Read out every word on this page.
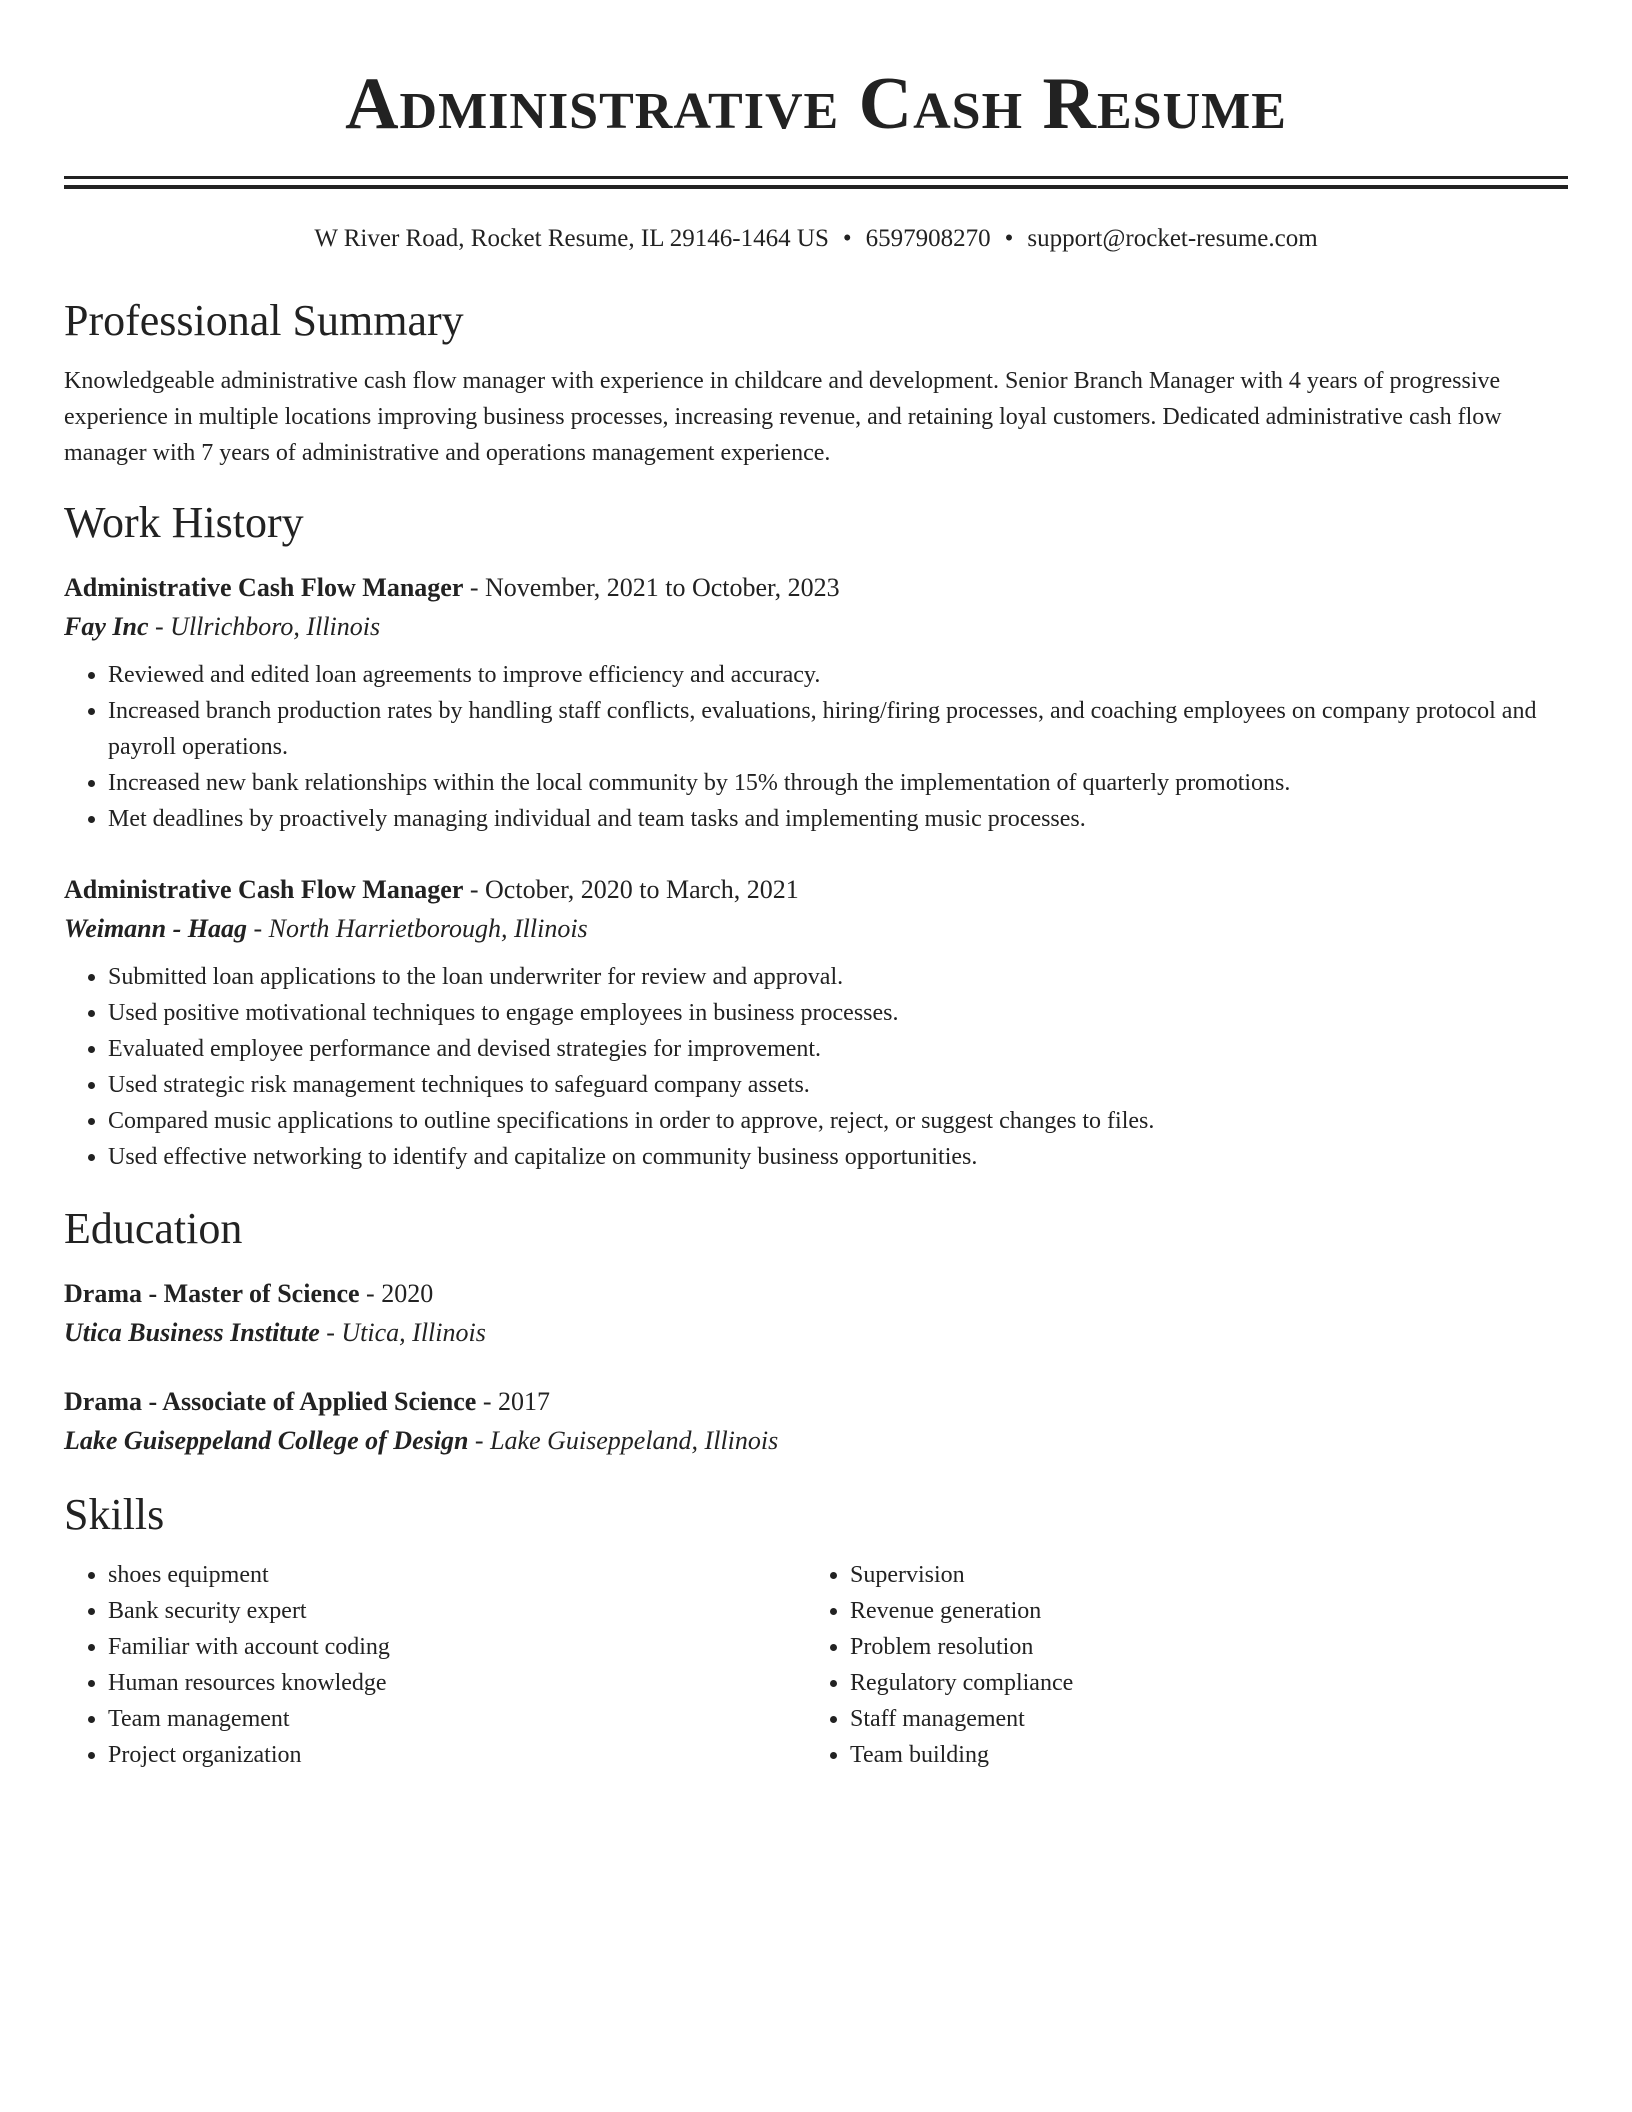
Administrative Cash Resume
W River Road, Rocket Resume, IL 29146-1464 US • 6597908270 • support@rocket-resume.com
Professional Summary
Knowledgeable administrative cash flow manager with experience in childcare and development. Senior Branch Manager with 4 years of progressive experience in multiple locations improving business processes, increasing revenue, and retaining loyal customers. Dedicated administrative cash flow manager with 7 years of administrative and operations management experience.
Work History
Administrative Cash Flow Manager - November, 2021 to October, 2023
Fay Inc - Ullrichboro, Illinois
• Reviewed and edited loan agreements to improve efficiency and accuracy.
• Increased branch production rates by handling staff conflicts, evaluations, hiring/firing processes, and coaching employees on company protocol and payroll operations.
• Increased new bank relationships within the local community by 15% through the implementation of quarterly promotions.
• Met deadlines by proactively managing individual and team tasks and implementing music processes.
Administrative Cash Flow Manager - October, 2020 to March, 2021
Weimann - Haag - North Harrietborough, Illinois
• Submitted loan applications to the loan underwriter for review and approval.
• Used positive motivational techniques to engage employees in business processes.
• Evaluated employee performance and devised strategies for improvement.
• Used strategic risk management techniques to safeguard company assets.
• Compared music applications to outline specifications in order to approve, reject, or suggest changes to files.
• Used effective networking to identify and capitalize on community business opportunities.
Education
Drama - Master of Science - 2020
Utica Business Institute - Utica, Illinois
Drama - Associate of Applied Science - 2017
Lake Guiseppeland College of Design - Lake Guiseppeland, Illinois
Skills
• shoes equipment
• Bank security expert
• Familiar with account coding
• Human resources knowledge
• Team management
• Project organization
• Supervision
• Revenue generation
• Problem resolution
• Regulatory compliance
• Staff management
• Team building
